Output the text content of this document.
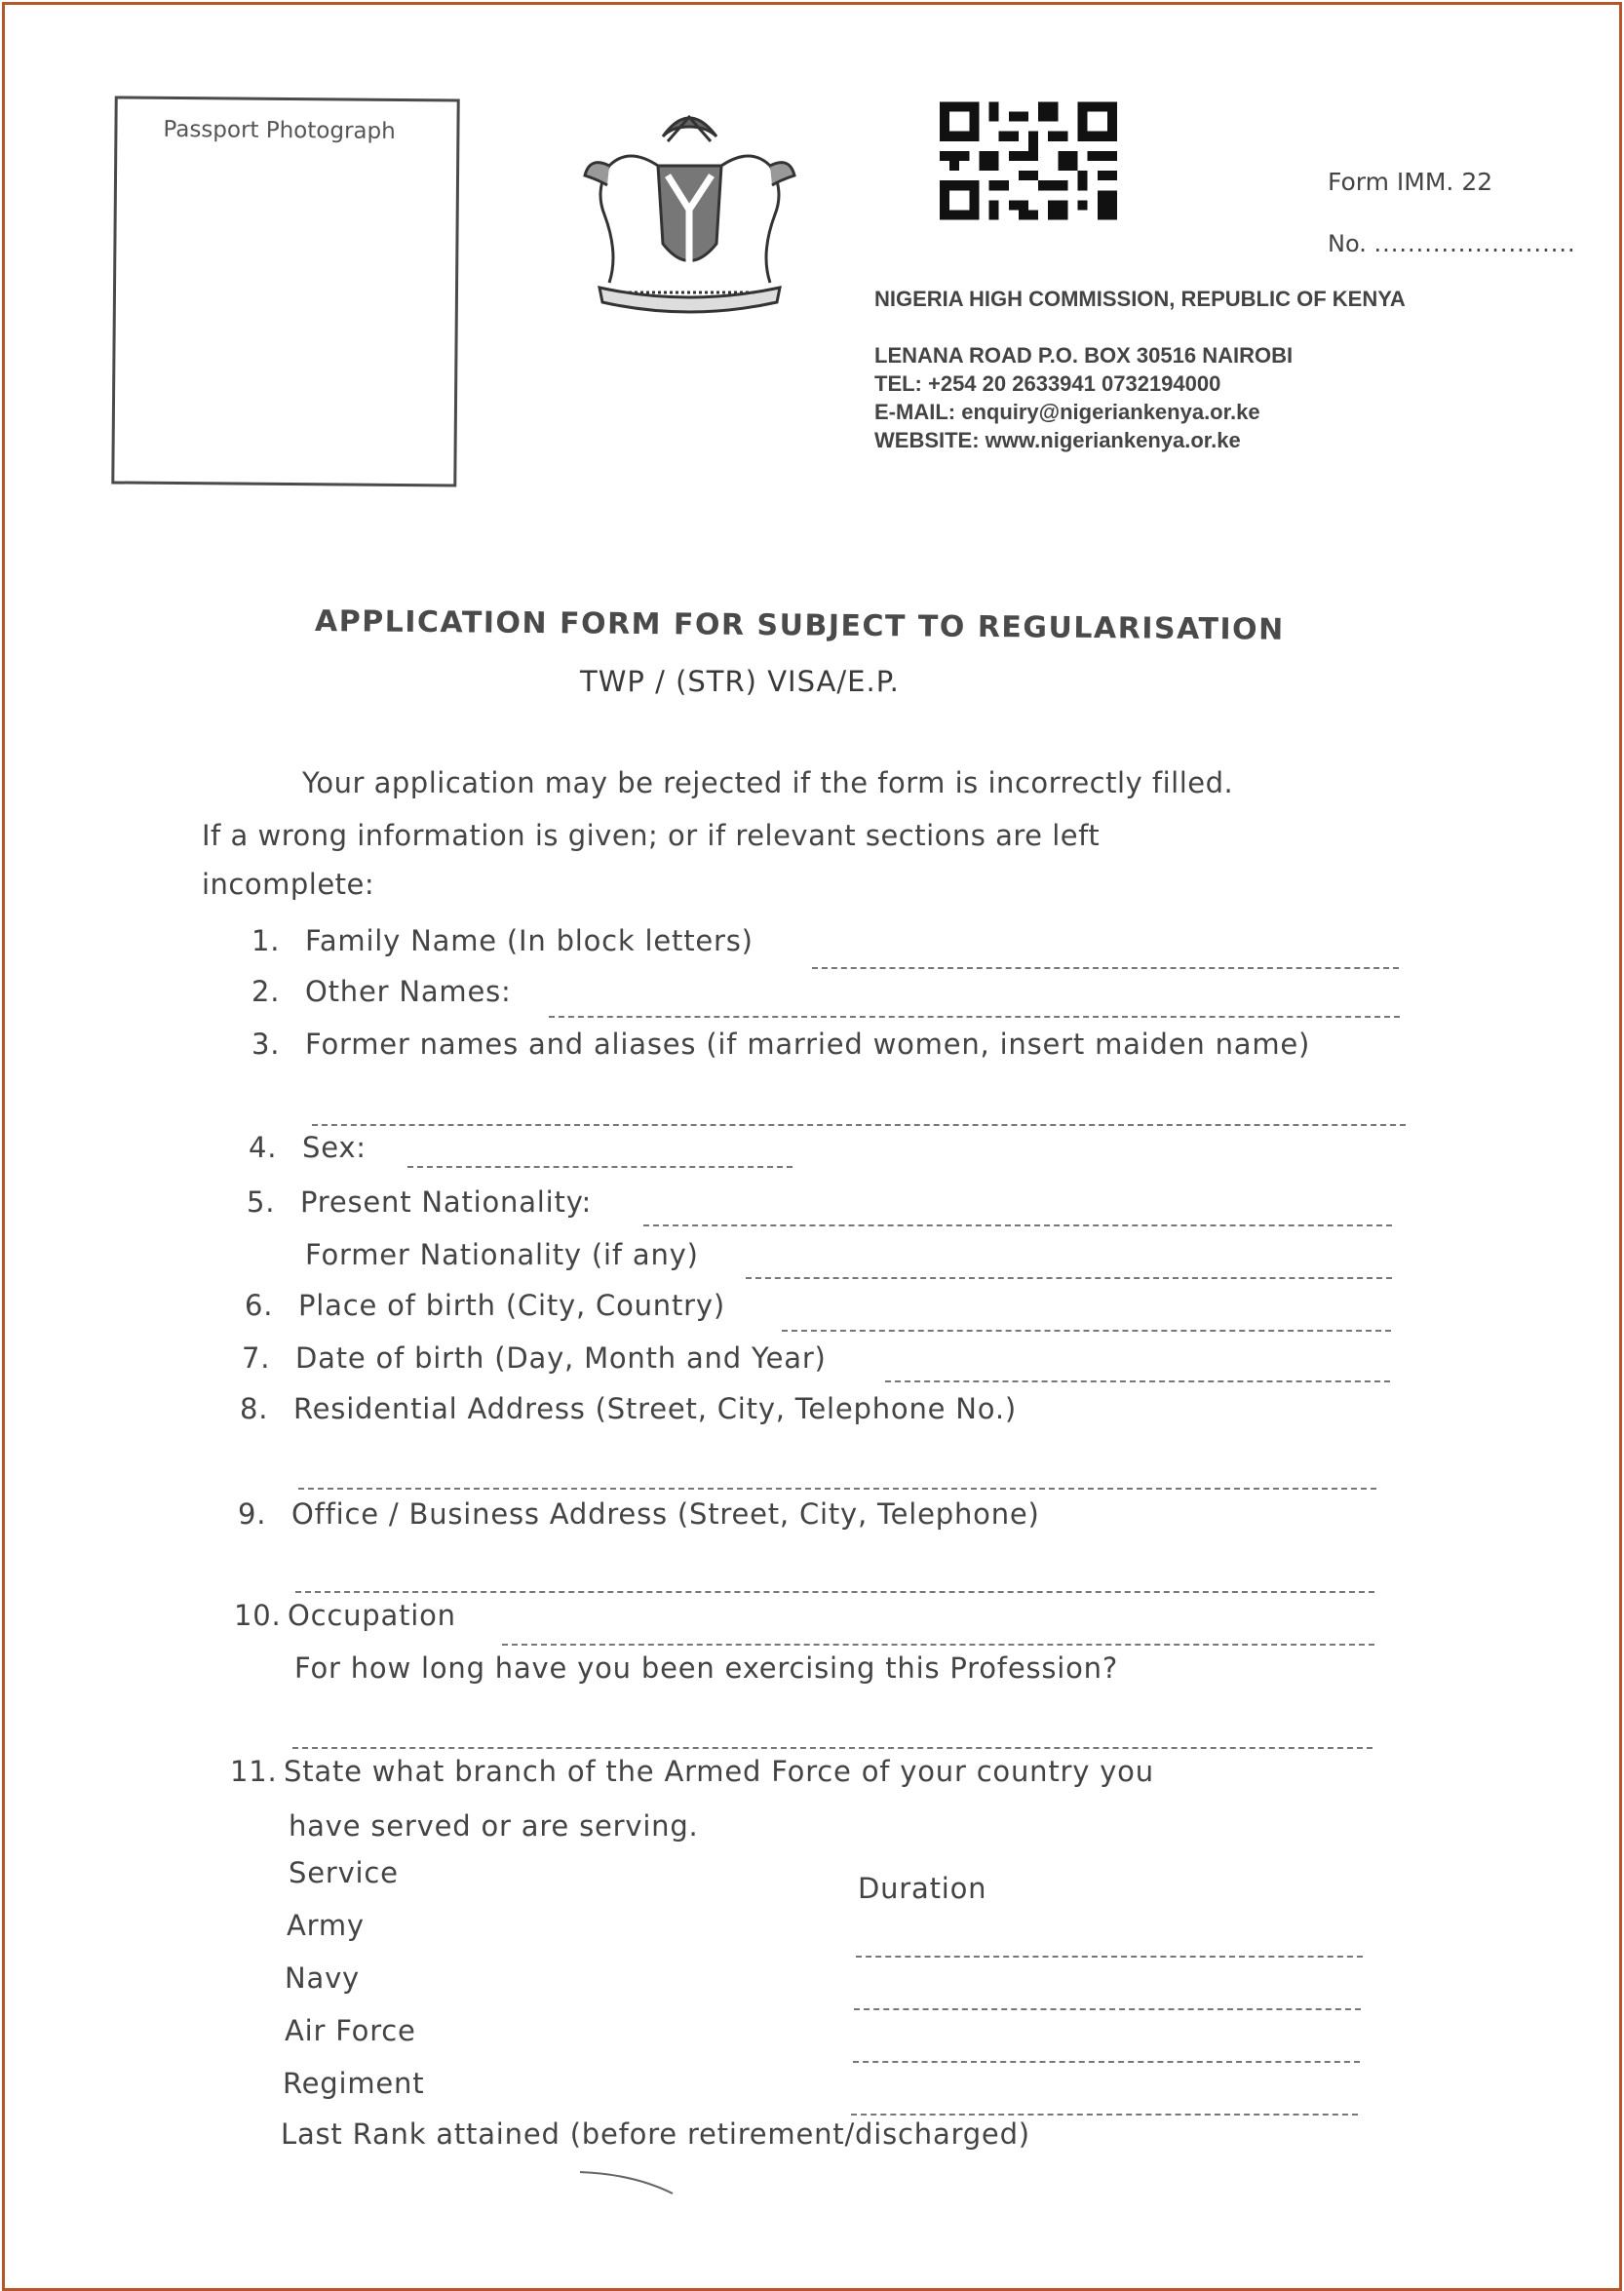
Passport Photograph
Form IMM. 22
No. ........................
NIGERIA HIGH COMMISSION, REPUBLIC OF KENYA
LENANA ROAD P.O. BOX 30516 NAIROBI
TEL: +254 20 2633941 0732194000
E-MAIL: enquiry@nigeriankenya.or.ke
WEBSITE: www.nigeriankenya.or.ke
APPLICATION FORM FOR SUBJECT TO REGULARISATION
TWP / (STR) VISA/E.P.
Your application may be rejected if the form is incorrectly filled.
If a wrong information is given; or if relevant sections are left
incomplete:
1. Family Name (In block letters)
2. Other Names:
3. Former names and aliases (if married women, insert maiden name)
4. Sex:
5. Present Nationality:
Former Nationality (if any)
6. Place of birth (City, Country)
7. Date of birth (Day, Month and Year)
8. Residential Address (Street, City, Telephone No.)
9. Office / Business Address (Street, City, Telephone)
10. Occupation
For how long have you been exercising this Profession?
11. State what branch of the Armed Force of your country you
have served or are serving.
Service	Duration
Army
Navy
Air Force
Regiment
Last Rank attained (before retirement/discharged)
